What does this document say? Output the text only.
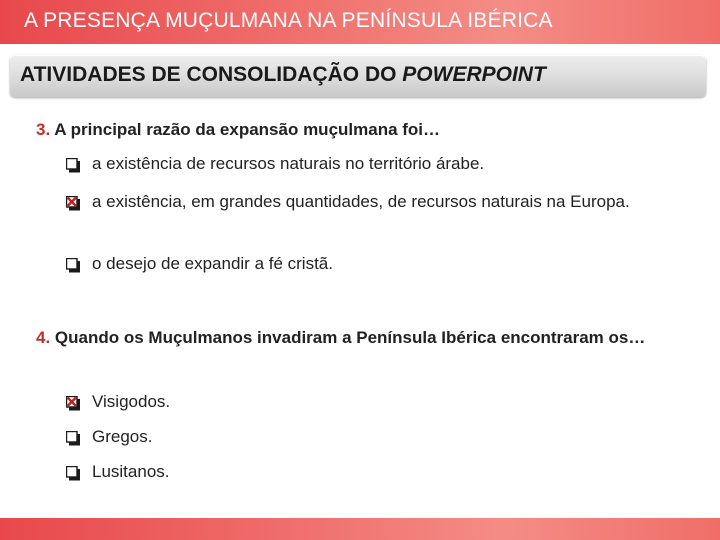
A PRESENÇA MUÇULMANA NA PENÍNSULA IBÉRICA
ATIVIDADES DE CONSOLIDAÇÃO DO POWERPOINT
3. A principal razão da expansão muçulmana foi…
a existência de recursos naturais no território árabe.
a existência, em grandes quantidades, de recursos naturais na Europa.
o desejo de expandir a fé cristã.
4. Quando os Muçulmanos invadiram a Península Ibérica encontraram os…
Visigodos.
Gregos.
Lusitanos.
